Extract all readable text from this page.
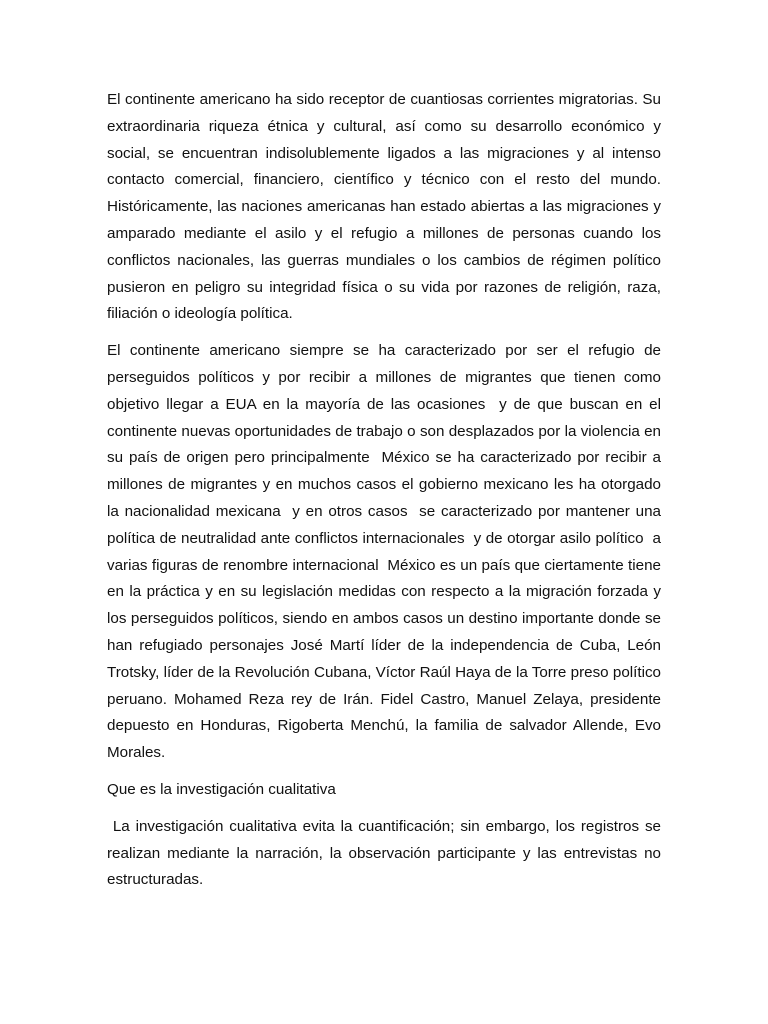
El continente americano ha sido receptor de cuantiosas corrientes migratorias. Su extraordinaria riqueza étnica y cultural, así como su desarrollo económico y social, se encuentran indisolublemente ligados a las migraciones y al intenso contacto comercial, financiero, científico y técnico con el resto del mundo. Históricamente, las naciones americanas han estado abiertas a las migraciones y amparado mediante el asilo y el refugio a millones de personas cuando los conflictos nacionales, las guerras mundiales o los cambios de régimen político pusieron en peligro su integridad física o su vida por razones de religión, raza, filiación o ideología política.

El continente americano siempre se ha caracterizado por ser el refugio de perseguidos políticos y por recibir a millones de migrantes que tienen como objetivo llegar a EUA en la mayoría de las ocasiones  y de que buscan en el continente nuevas oportunidades de trabajo o son desplazados por la violencia en su país de origen pero principalmente  México se ha caracterizado por recibir a millones de migrantes y en muchos casos el gobierno mexicano les ha otorgado la nacionalidad mexicana  y en otros casos  se caracterizado por mantener una política de neutralidad ante conflictos internacionales  y de otorgar asilo político  a varias figuras de renombre internacional  México es un país que ciertamente tiene en la práctica y en su legislación medidas con respecto a la migración forzada y los perseguidos políticos, siendo en ambos casos un destino importante donde se han refugiado personajes José Martí líder de la independencia de Cuba, León Trotsky, líder de la Revolución Cubana, Víctor Raúl Haya de la Torre preso político peruano. Mohamed Reza rey de Irán. Fidel Castro, Manuel Zelaya, presidente depuesto en Honduras, Rigoberta Menchú, la familia de salvador Allende, Evo Morales.

Que es la investigación cualitativa

La investigación cualitativa evita la cuantificación; sin embargo, los registros se realizan mediante la narración, la observación participante y las entrevistas no estructuradas.
